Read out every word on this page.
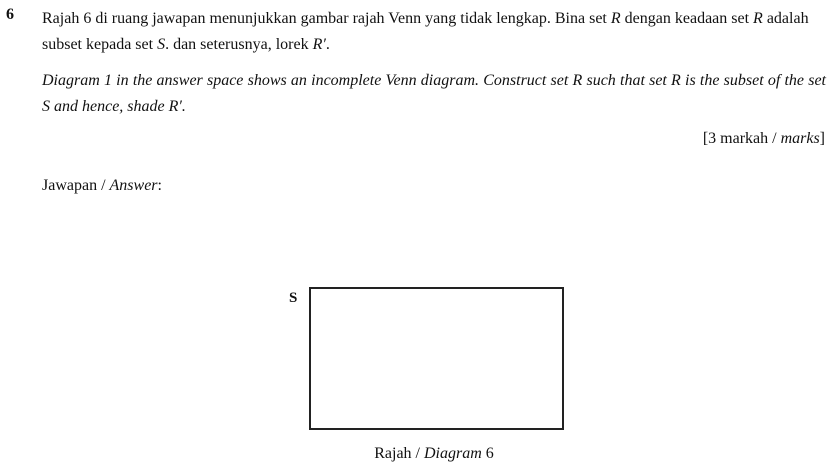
6 Rajah 6 di ruang jawapan menunjukkan gambar rajah Venn yang tidak lengkap. Bina set R dengan keadaan set R adalah subset kepada set S. dan seterusnya, lorek R′.
Diagram 1 in the answer space shows an incomplete Venn diagram. Construct set R such that set R is the subset of the set S and hence, shade R′.
[3 markah / marks]
Jawapan / Answer:
S
Rajah / Diagram 6
